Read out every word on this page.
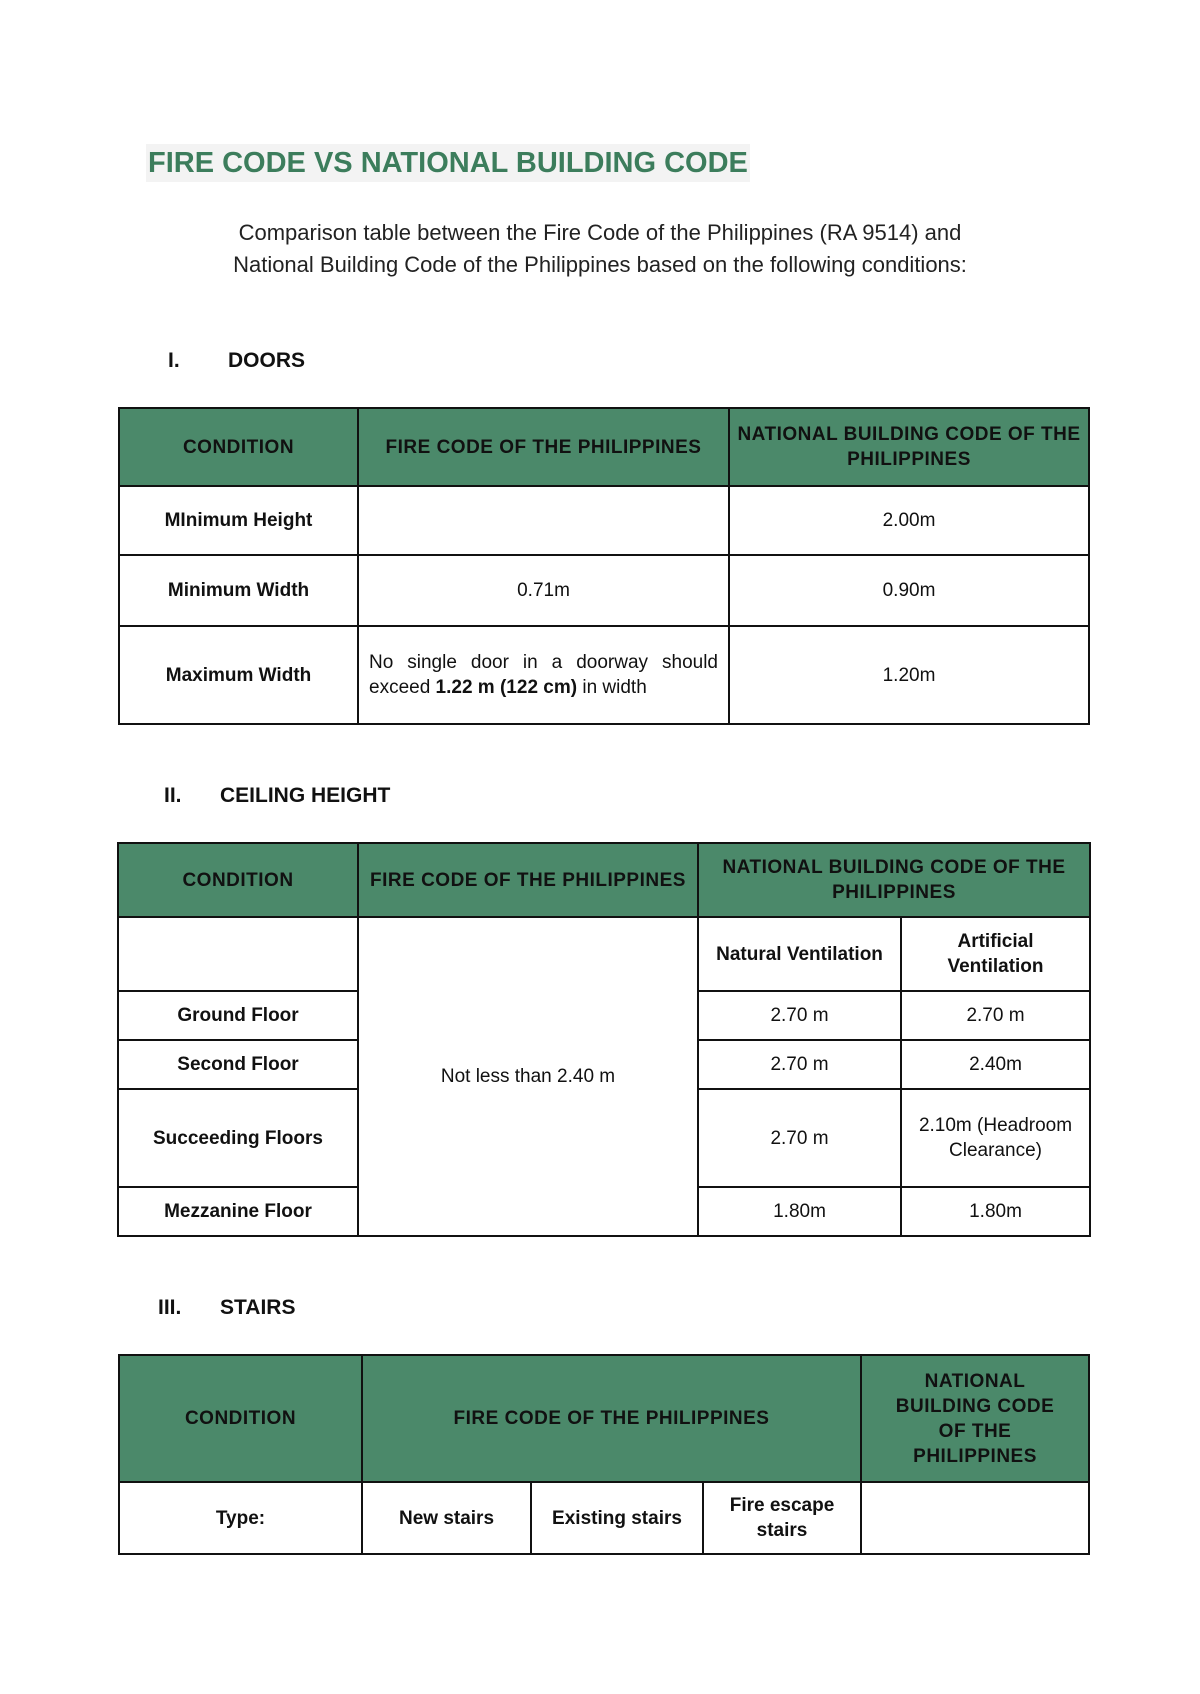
FIRE CODE VS NATIONAL BUILDING CODE
Comparison table between the Fire Code of the Philippines (RA 9514) and
National Building Code of the Philippines based on the following conditions:
I. DOORS
CONDITION	FIRE CODE OF THE PHILIPPINES	NATIONAL BUILDING CODE OF THE PHILIPPINES
MInimum Height		2.00m
Minimum Width	0.71m	0.90m
Maximum Width	No single door in a doorway should exceed 1.22 m (122 cm) in width	1.20m
II. CEILING HEIGHT
CONDITION	FIRE CODE OF THE PHILIPPINES	NATIONAL BUILDING CODE OF THE PHILIPPINES	
	Not less than 2.40 m	Natural Ventilation	Artificial Ventilation
Ground Floor		2.70 m	2.70 m
Second Floor		2.70 m	2.40m
Succeeding Floors		2.70 m	2.10m (Headroom Clearance)
Mezzanine Floor		1.80m	1.80m
III. STAIRS
CONDITION	FIRE CODE OF THE PHILIPPINES			NATIONAL BUILDING CODE OF THE PHILIPPINES
Type:	New stairs	Existing stairs	Fire escape stairs	
